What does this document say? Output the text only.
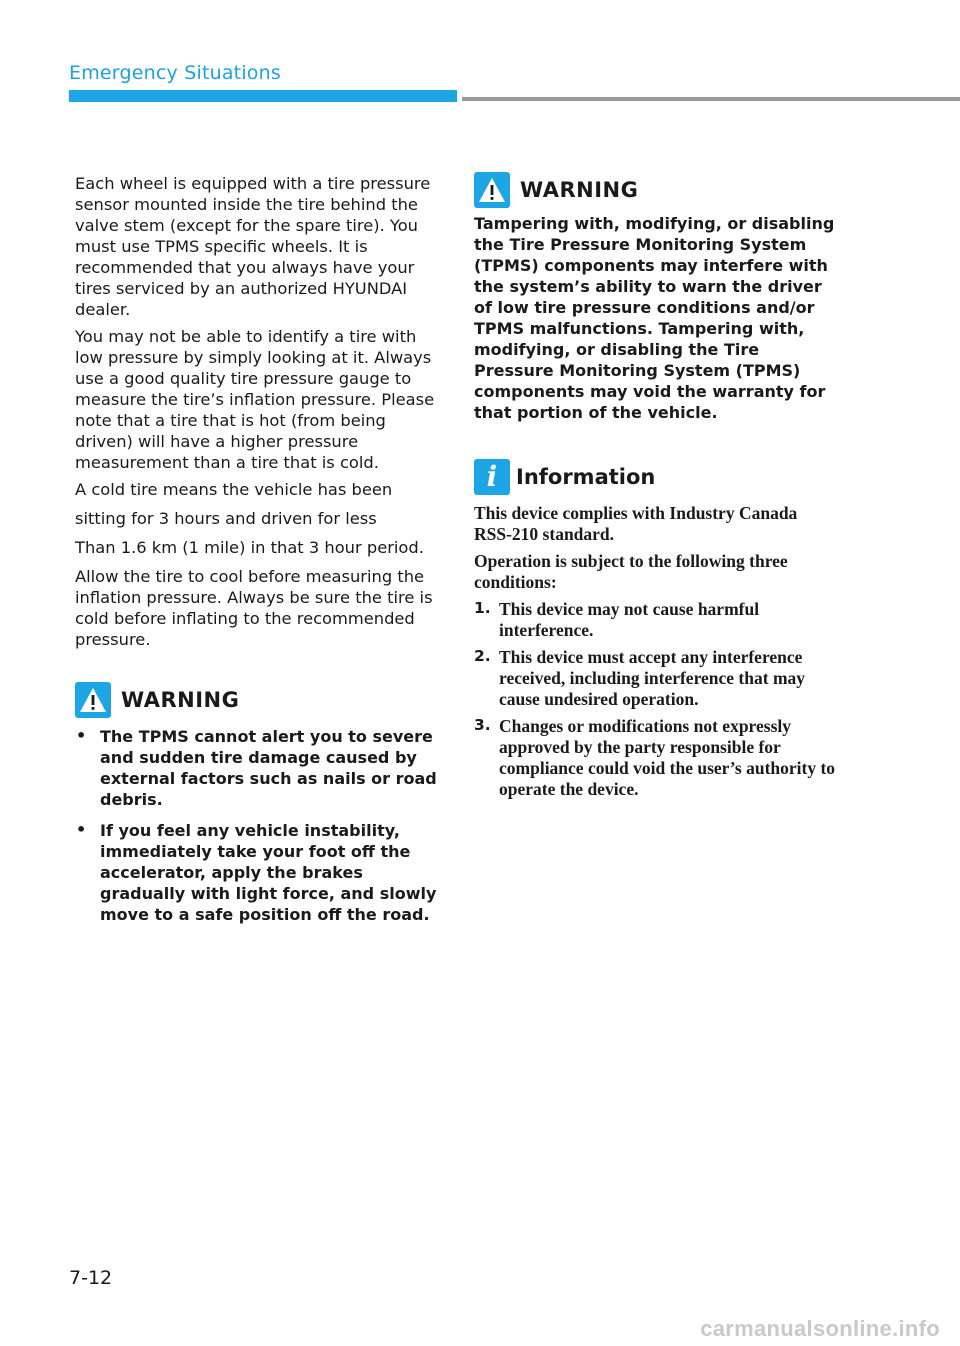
Emergency Situations

Each wheel is equipped with a tire pressure sensor mounted inside the tire behind the valve stem (except for the spare tire). You must use TPMS specific wheels. It is recommended that you always have your tires serviced by an authorized HYUNDAI dealer.

You may not be able to identify a tire with low pressure by simply looking at it. Always use a good quality tire pressure gauge to measure the tire’s inflation pressure. Please note that a tire that is hot (from being driven) will have a higher pressure measurement than a tire that is cold.

A cold tire means the vehicle has been

sitting for 3 hours and driven for less

Than 1.6 km (1 mile) in that 3 hour period.

Allow the tire to cool before measuring the inflation pressure. Always be sure the tire is cold before inflating to the recommended pressure.

WARNING
• The TPMS cannot alert you to severe and sudden tire damage caused by external factors such as nails or road debris.
• If you feel any vehicle instability, immediately take your foot off the accelerator, apply the brakes gradually with light force, and slowly move to a safe position off the road.
WARNING
Tampering with, modifying, or disabling the Tire Pressure Monitoring System (TPMS) components may interfere with the system’s ability to warn the driver of low tire pressure conditions and/or TPMS malfunctions. Tampering with, modifying, or disabling the Tire Pressure Monitoring System (TPMS) components may void the warranty for that portion of the vehicle.
i Information

This device complies with Industry Canada RSS-210 standard.

Operation is subject to the following three conditions:

1. This device may not cause harmful interference.
2. This device must accept any interference received, including interference that may cause undesired operation.
3. Changes or modifications not expressly approved by the party responsible for compliance could void the user’s authority to operate the device.
7-12
carmanualsonline.info
